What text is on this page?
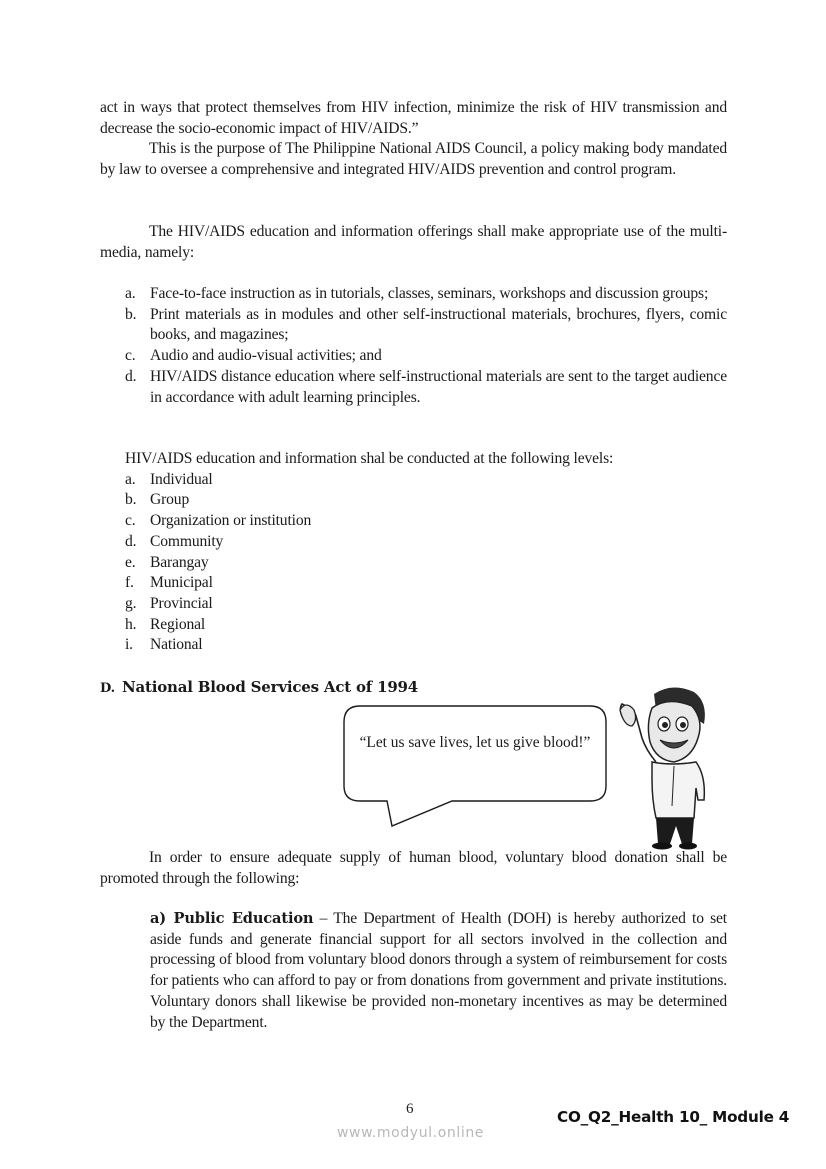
act in ways that protect themselves from HIV infection, minimize the risk of HIV transmission and decrease the socio-economic impact of HIV/AIDS.”

This is the purpose of The Philippine National AIDS Council, a policy making body mandated by law to oversee a comprehensive and integrated HIV/AIDS prevention and control program.

The HIV/AIDS education and information offerings shall make appropriate use of the multi-media, namely:

a. Face-to-face instruction as in tutorials, classes, seminars, workshops and discussion groups;
b. Print materials as in modules and other self-instructional materials, brochures, flyers, comic books, and magazines;
c. Audio and audio-visual activities; and
d. HIV/AIDS distance education where self-instructional materials are sent to the target audience in accordance with adult learning principles.

HIV/AIDS education and information shal be conducted at the following levels:

a. Individual
b. Group
c. Organization or institution
d. Community
e. Barangay
f. Municipal
g. Provincial
h. Regional
i. National
D. National Blood Services Act of 1994
“Let us save lives, let us give blood!”

In order to ensure adequate supply of human blood, voluntary blood donation shall be promoted through the following:

a) Public Education – The Department of Health (DOH) is hereby authorized to set aside funds and generate financial support for all sectors involved in the collection and processing of blood from voluntary blood donors through a system of reimbursement for costs for patients who can afford to pay or from donations from government and private institutions. Voluntary donors shall likewise be provided non-monetary incentives as may be determined by the Department.

6	CO_Q2_Health 10_ Module 4
www.modyul.online
